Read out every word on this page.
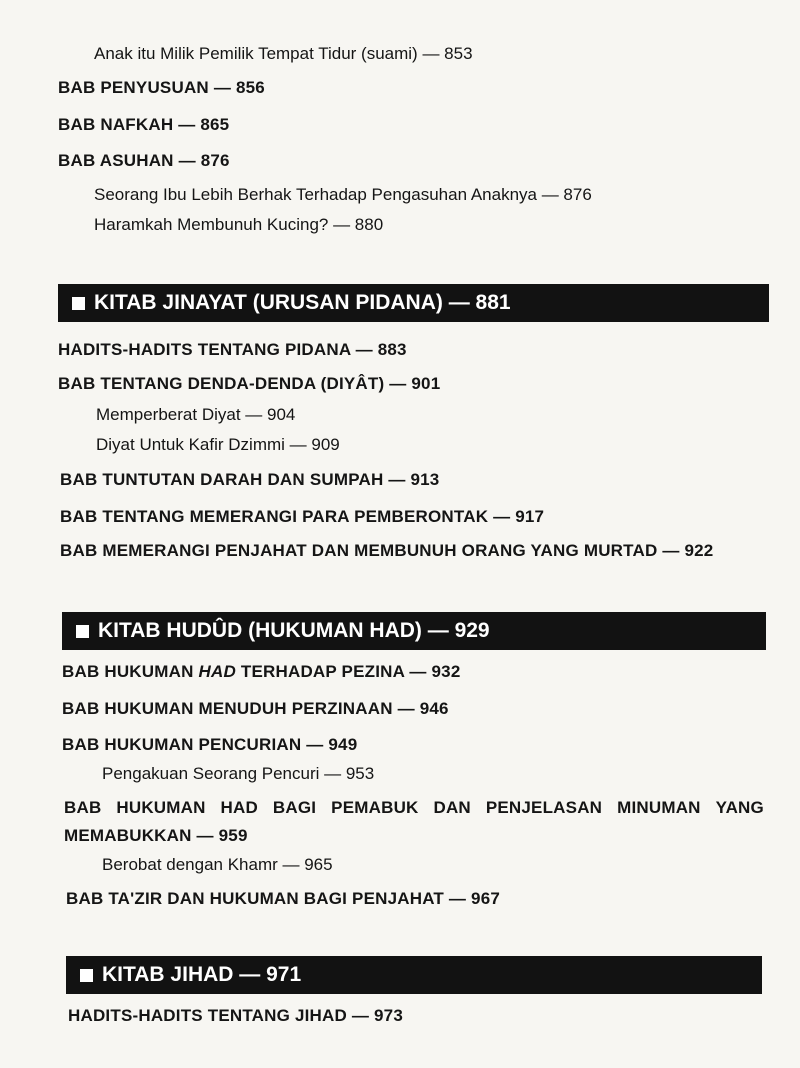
Anak itu Milik Pemilik Tempat Tidur (suami) — 853
BAB PENYUSUAN — 856
BAB NAFKAH — 865
BAB ASUHAN — 876
Seorang Ibu Lebih Berhak Terhadap Pengasuhan Anaknya — 876
Haramkah Membunuh Kucing? — 880
KITAB JINAYAT (URUSAN PIDANA) — 881
HADITS-HADITS TENTANG PIDANA — 883
BAB TENTANG DENDA-DENDA (DIYÂT) — 901
Memperberat Diyat — 904
Diyat Untuk Kafir Dzimmi — 909
BAB TUNTUTAN DARAH DAN SUMPAH — 913
BAB TENTANG MEMERANGI PARA PEMBERONTAK — 917
BAB MEMERANGI PENJAHAT DAN MEMBUNUH ORANG YANG MURTAD — 922
KITAB HUDÛD (HUKUMAN HAD) — 929
BAB HUKUMAN HAD TERHADAP PEZINA — 932
BAB HUKUMAN MENUDUH PERZINAAN — 946
BAB HUKUMAN PENCURIAN — 949
Pengakuan Seorang Pencuri — 953
BAB HUKUMAN HAD BAGI PEMABUK DAN PENJELASAN MINUMAN YANG
MEMABUKKAN — 959
Berobat dengan Khamr — 965
BAB TA'ZIR DAN HUKUMAN BAGI PENJAHAT — 967
KITAB JIHAD — 971
HADITS-HADITS TENTANG JIHAD — 973
